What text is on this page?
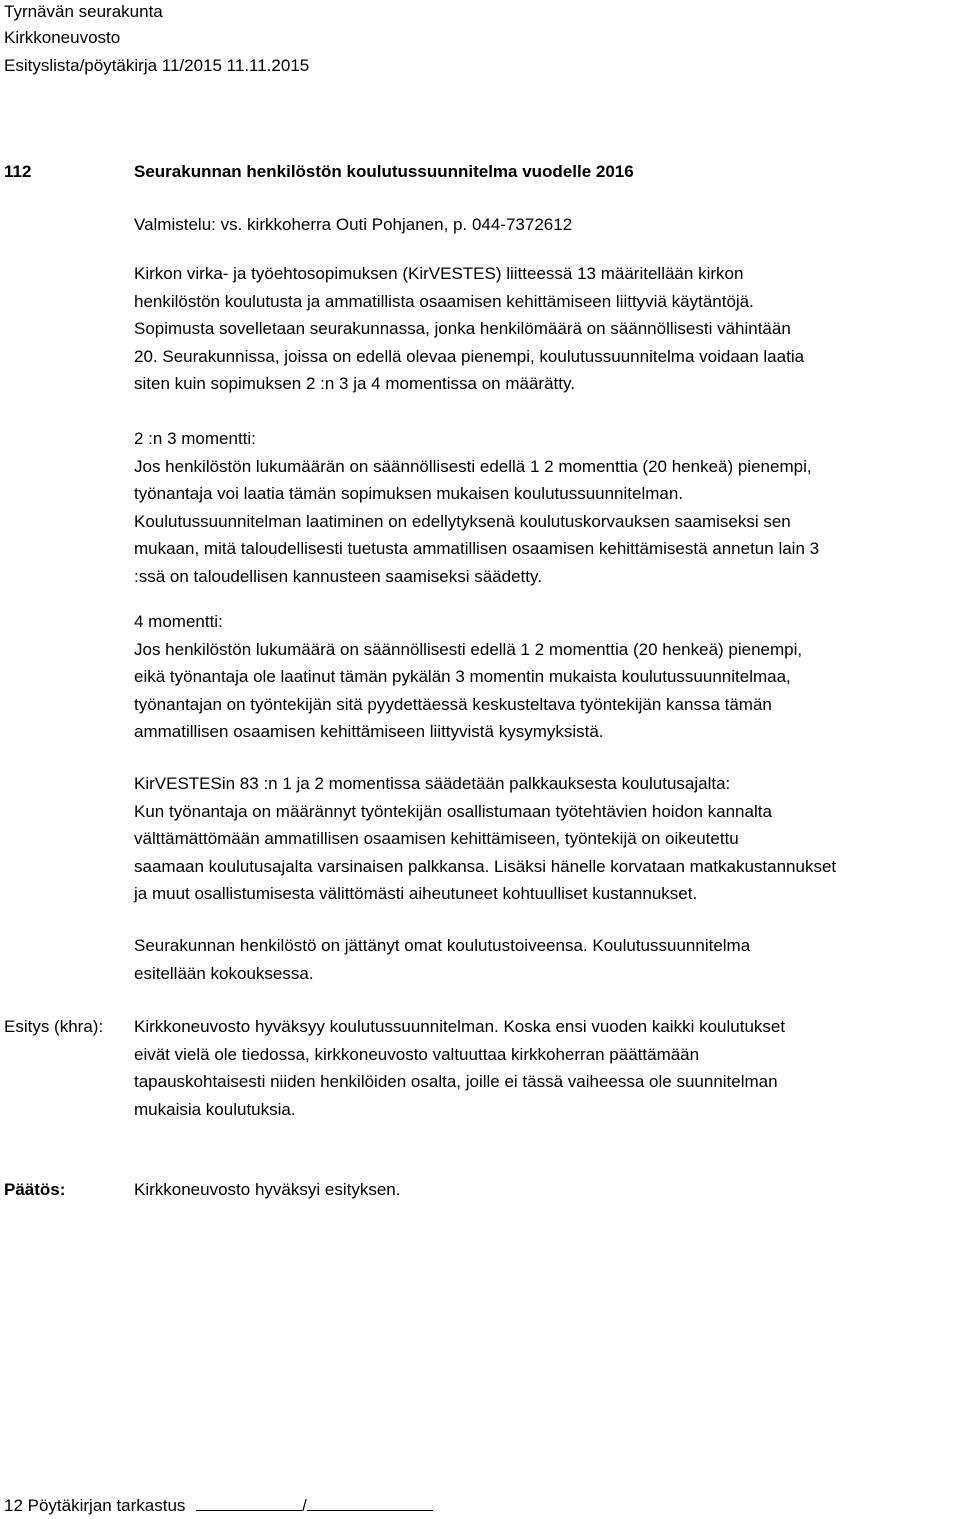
Tyrnävän seurakunta
Kirkkoneuvosto
Esityslista/pöytäkirja 11/2015 11.11.2015
112	Seurakunnan henkilöstön koulutussuunnitelma vuodelle 2016
Valmistelu: vs. kirkkoherra Outi Pohjanen, p. 044-7372612
Kirkon virka- ja työehtosopimuksen (KirVESTES) liitteessä 13 määritellään kirkon
henkilöstön koulutusta ja ammatillista osaamisen kehittämiseen liittyviä käytäntöjä.
Sopimusta sovelletaan seurakunnassa, jonka henkilömäärä on säännöllisesti vähintään
20. Seurakunnissa, joissa on edellä olevaa pienempi, koulutussuunnitelma voidaan laatia
siten kuin sopimuksen 2 :n 3 ja 4 momentissa on määrätty.
2 :n 3 momentti:
Jos henkilöstön lukumäärän on säännöllisesti edellä 1 2 momenttia (20 henkeä) pienempi,
työnantaja voi laatia tämän sopimuksen mukaisen koulutussuunnitelman.
Koulutussuunnitelman laatiminen on edellytyksenä koulutuskorvauksen saamiseksi sen
mukaan, mitä taloudellisesti tuetusta ammatillisen osaamisen kehittämisestä annetun lain 3
:ssä on taloudellisen kannusteen saamiseksi säädetty.
4 momentti:
Jos henkilöstön lukumäärä on säännöllisesti edellä 1 2 momenttia (20 henkeä) pienempi,
eikä työnantaja ole laatinut tämän pykälän 3 momentin mukaista koulutussuunnitelmaa,
työnantajan on työntekijän sitä pyydettäessä keskusteltava työntekijän kanssa tämän
ammatillisen osaamisen kehittämiseen liittyvistä kysymyksistä.
KirVESTESin 83 :n 1 ja 2 momentissa säädetään palkkauksesta koulutusajalta:
Kun työnantaja on määrännyt työntekijän osallistumaan työtehtävien hoidon kannalta
välttämättömään ammatillisen osaamisen kehittämiseen, työntekijä on oikeutettu
saamaan koulutusajalta varsinaisen palkkansa. Lisäksi hänelle korvataan matkakustannukset
ja muut osallistumisesta välittömästi aiheutuneet kohtuulliset kustannukset.
Seurakunnan henkilöstö on jättänyt omat koulutustoiveensa. Koulutussuunnitelma
esitellään kokouksessa.
Esitys (khra): Kirkkoneuvosto hyväksyy koulutussuunnitelman. Koska ensi vuoden kaikki koulutukset
eivät vielä ole tiedossa, kirkkoneuvosto valtuuttaa kirkkoherran päättämään
tapauskohtaisesti niiden henkilöiden osalta, joille ei tässä vaiheessa ole suunnitelman
mukaisia koulutuksia.
Päätös:	Kirkkoneuvosto hyväksyi esityksen.
12 Pöytäkirjan tarkastus	/
